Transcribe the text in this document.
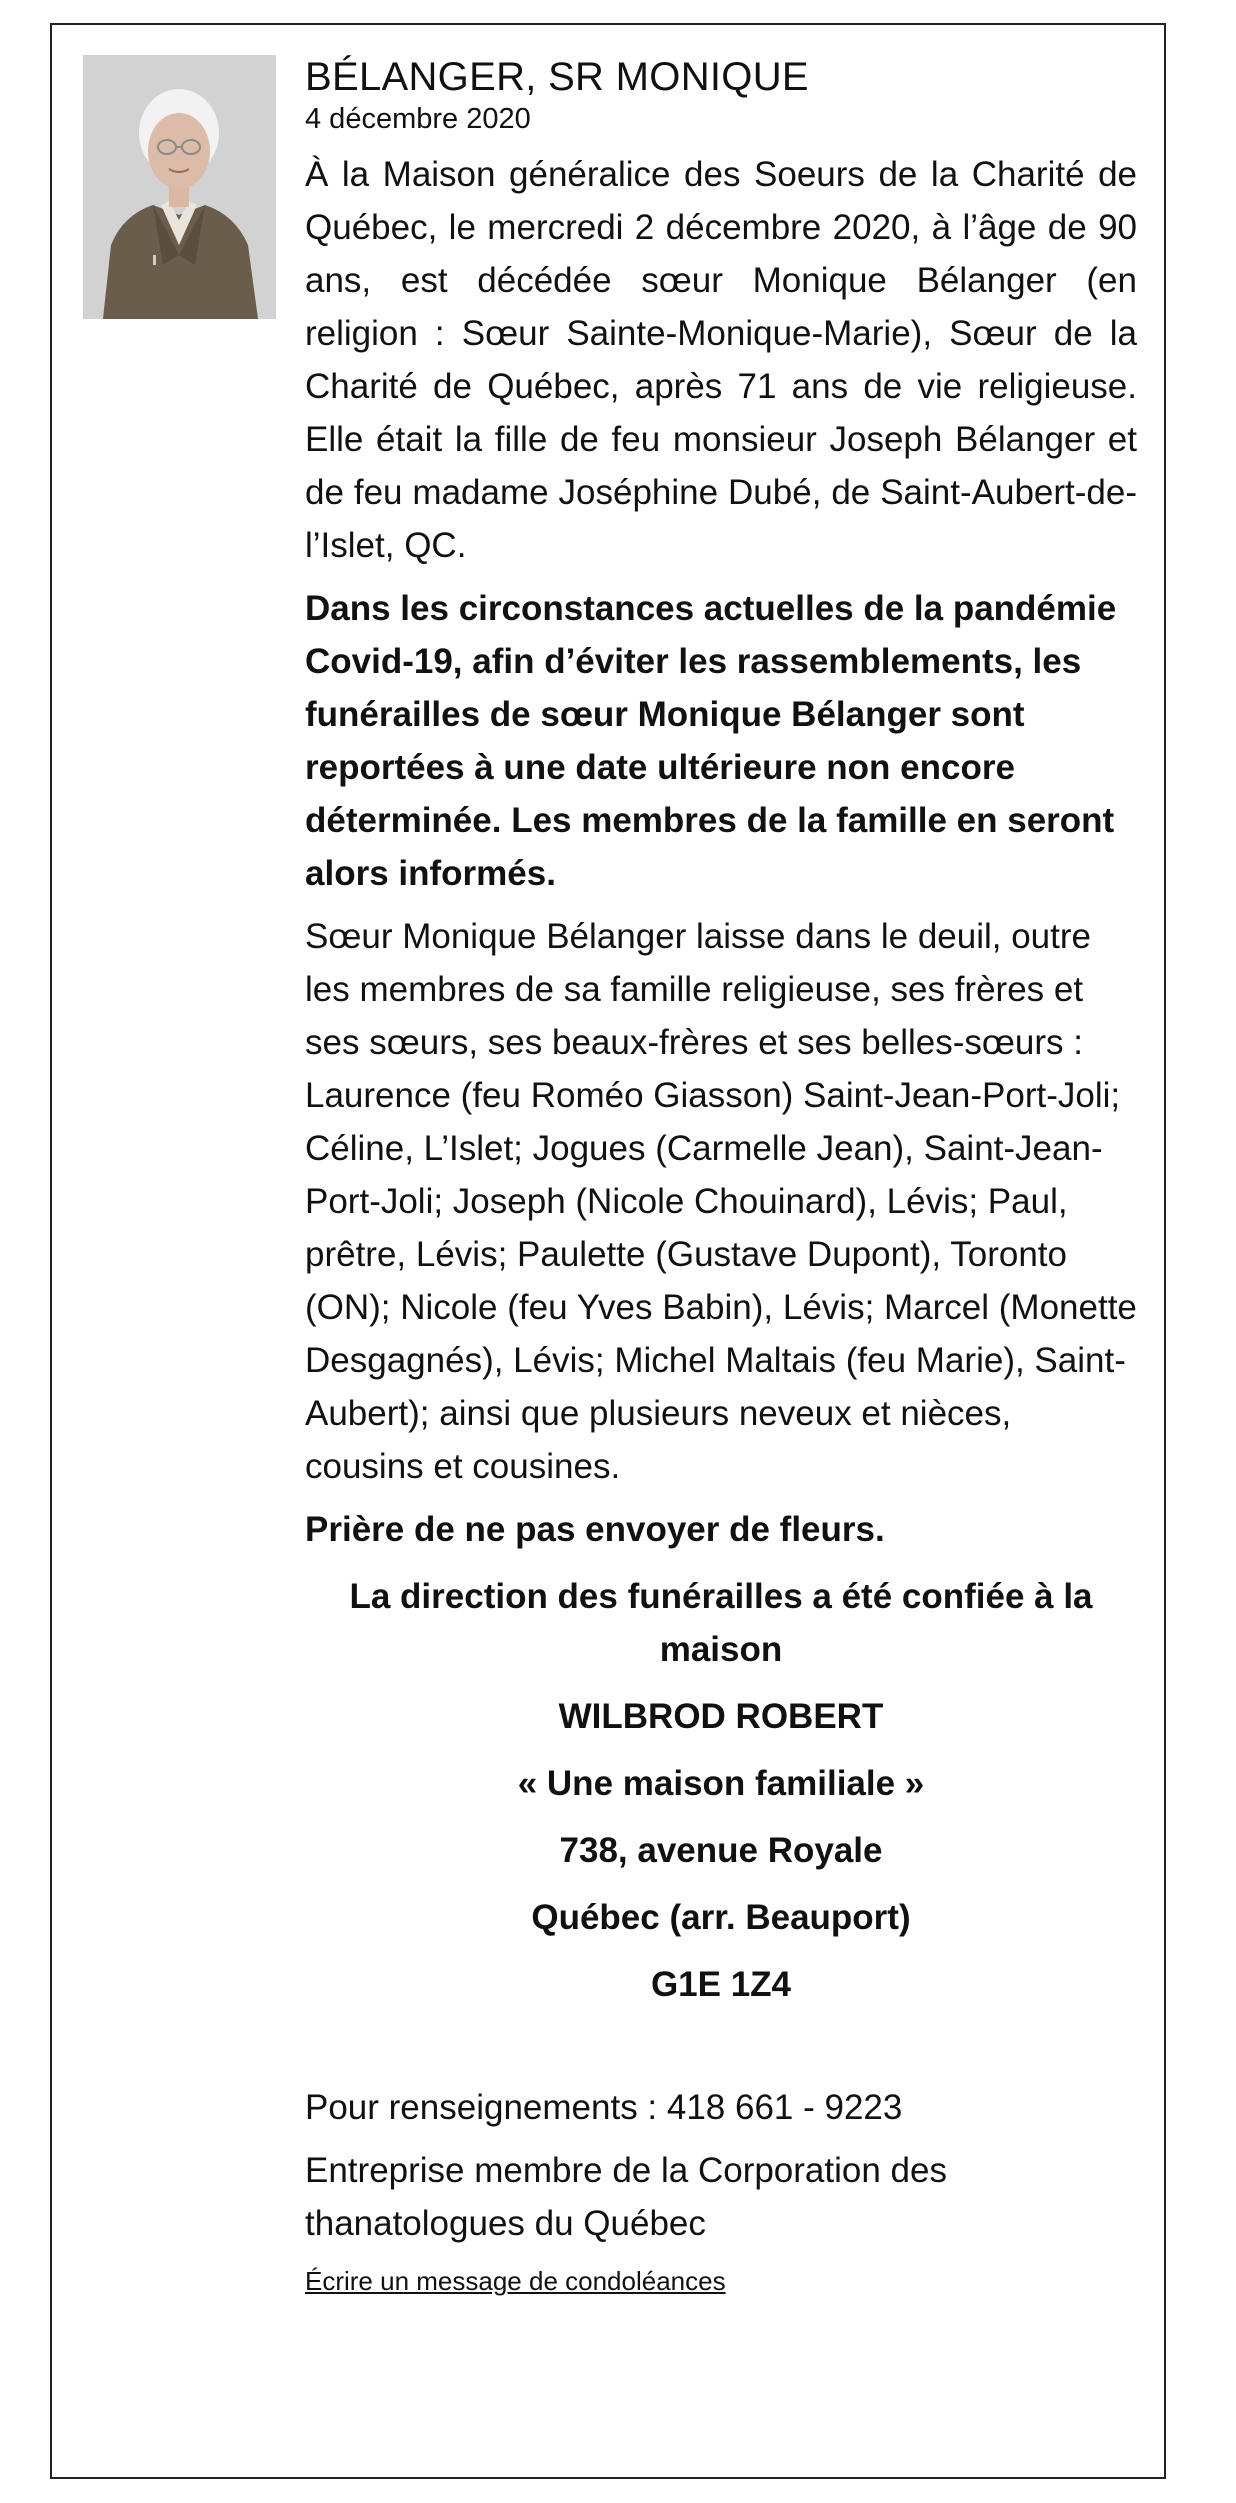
BÉLANGER, SR MONIQUE
4 décembre 2020

À la Maison généralice des Soeurs de la Charité de Québec, le mercredi 2 décembre 2020, à l’âge de 90 ans, est décédée sœur Monique Bélanger (en religion : Sœur Sainte-Monique-Marie), Sœur de la Charité de Québec, après 71 ans de vie religieuse. Elle était la fille de feu monsieur Joseph Bélanger et de feu madame Joséphine Dubé, de Saint-Aubert-de-l’Islet, QC.

Dans les circonstances actuelles de la pandémie Covid-19, afin d’éviter les rassemblements, les funérailles de sœur Monique Bélanger sont reportées à une date ultérieure non encore déterminée. Les membres de la famille en seront alors informés.

Sœur Monique Bélanger laisse dans le deuil, outre les membres de sa famille religieuse, ses frères et ses sœurs, ses beaux-frères et ses belles-sœurs : Laurence (feu Roméo Giasson) Saint-Jean-Port-Joli; Céline, L’Islet; Jogues (Carmelle Jean), Saint-Jean-Port-Joli; Joseph (Nicole Chouinard), Lévis; Paul, prêtre, Lévis; Paulette (Gustave Dupont), Toronto (ON); Nicole (feu Yves Babin), Lévis; Marcel (Monette Desgagnés), Lévis; Michel Maltais (feu Marie), Saint-Aubert); ainsi que plusieurs neveux et nièces, cousins et cousines.

Prière de ne pas envoyer de fleurs.

La direction des funérailles a été confiée à la maison

WILBROD ROBERT

« Une maison familiale »

738, avenue Royale

Québec (arr. Beauport)

G1E 1Z4

Pour renseignements : 418 661 - 9223

Entreprise membre de la Corporation des thanatologues du Québec

Écrire un message de condoléances
